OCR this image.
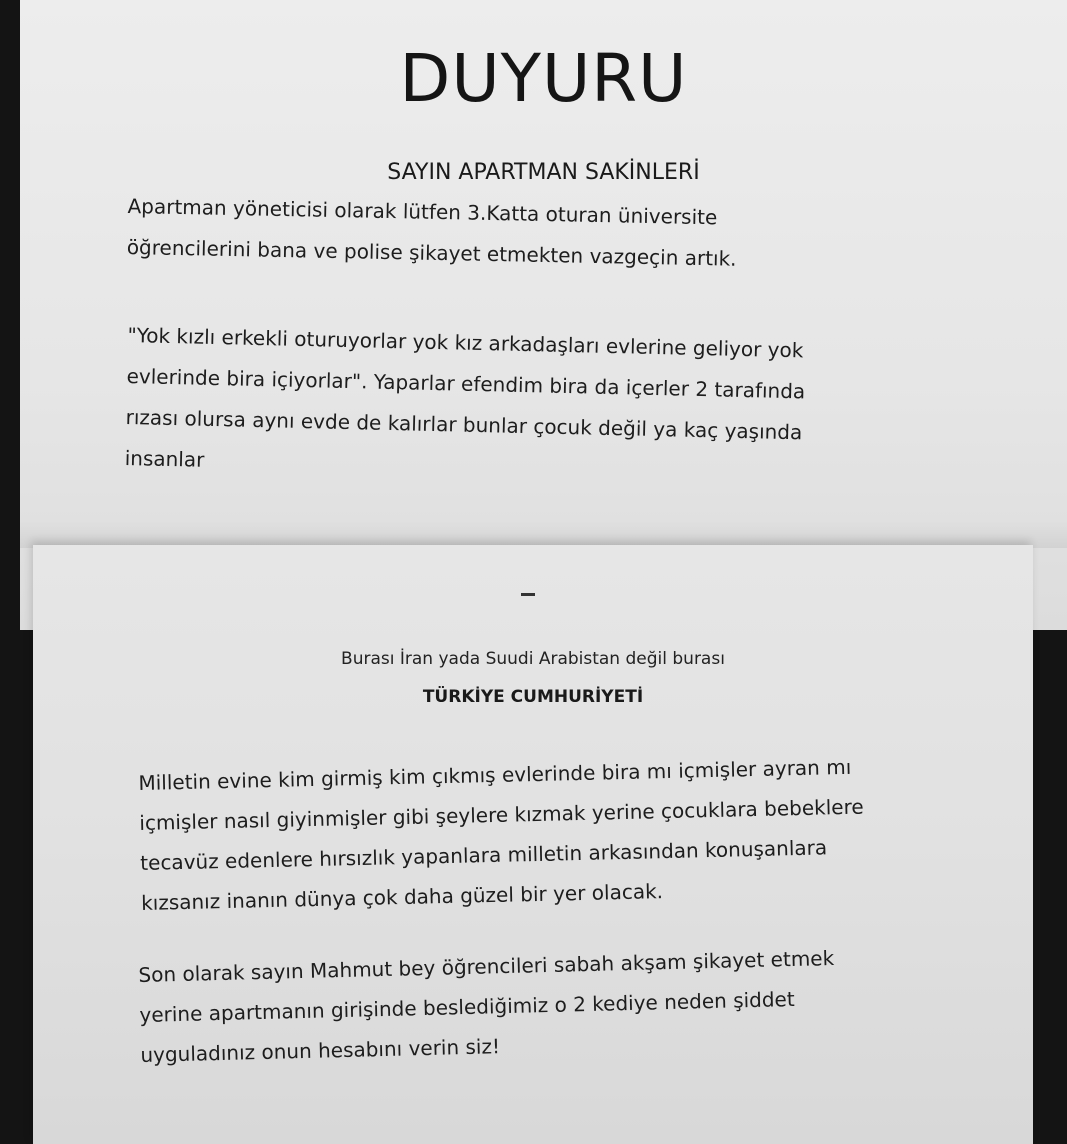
DUYURU
SAYIN APARTMAN SAKİNLERİ
Apartman yöneticisi olarak lütfen 3.Katta oturan üniversite
öğrencilerini bana ve polise şikayet etmekten vazgeçin artık.
"Yok kızlı erkekli oturuyorlar yok kız arkadaşları evlerine geliyor yok
evlerinde bira içiyorlar". Yaparlar efendim bira da içerler 2 tarafında
rızası olursa aynı evde de kalırlar bunlar çocuk değil ya kaç yaşında
insanlar
Burası İran yada Suudi Arabistan değil burası
TÜRKİYE CUMHURİYETİ
Milletin evine kim girmiş kim çıkmış evlerinde bira mı içmişler ayran mı
içmişler nasıl giyinmişler gibi şeylere kızmak yerine çocuklara bebeklere
tecavüz edenlere hırsızlık yapanlara milletin arkasından konuşanlara
kızsanız inanın dünya çok daha güzel bir yer olacak.
Son olarak sayın Mahmut bey öğrencileri sabah akşam şikayet etmek
yerine apartmanın girişinde beslediğimiz o 2 kediye neden şiddet
uyguladınız onun hesabını verin siz!
